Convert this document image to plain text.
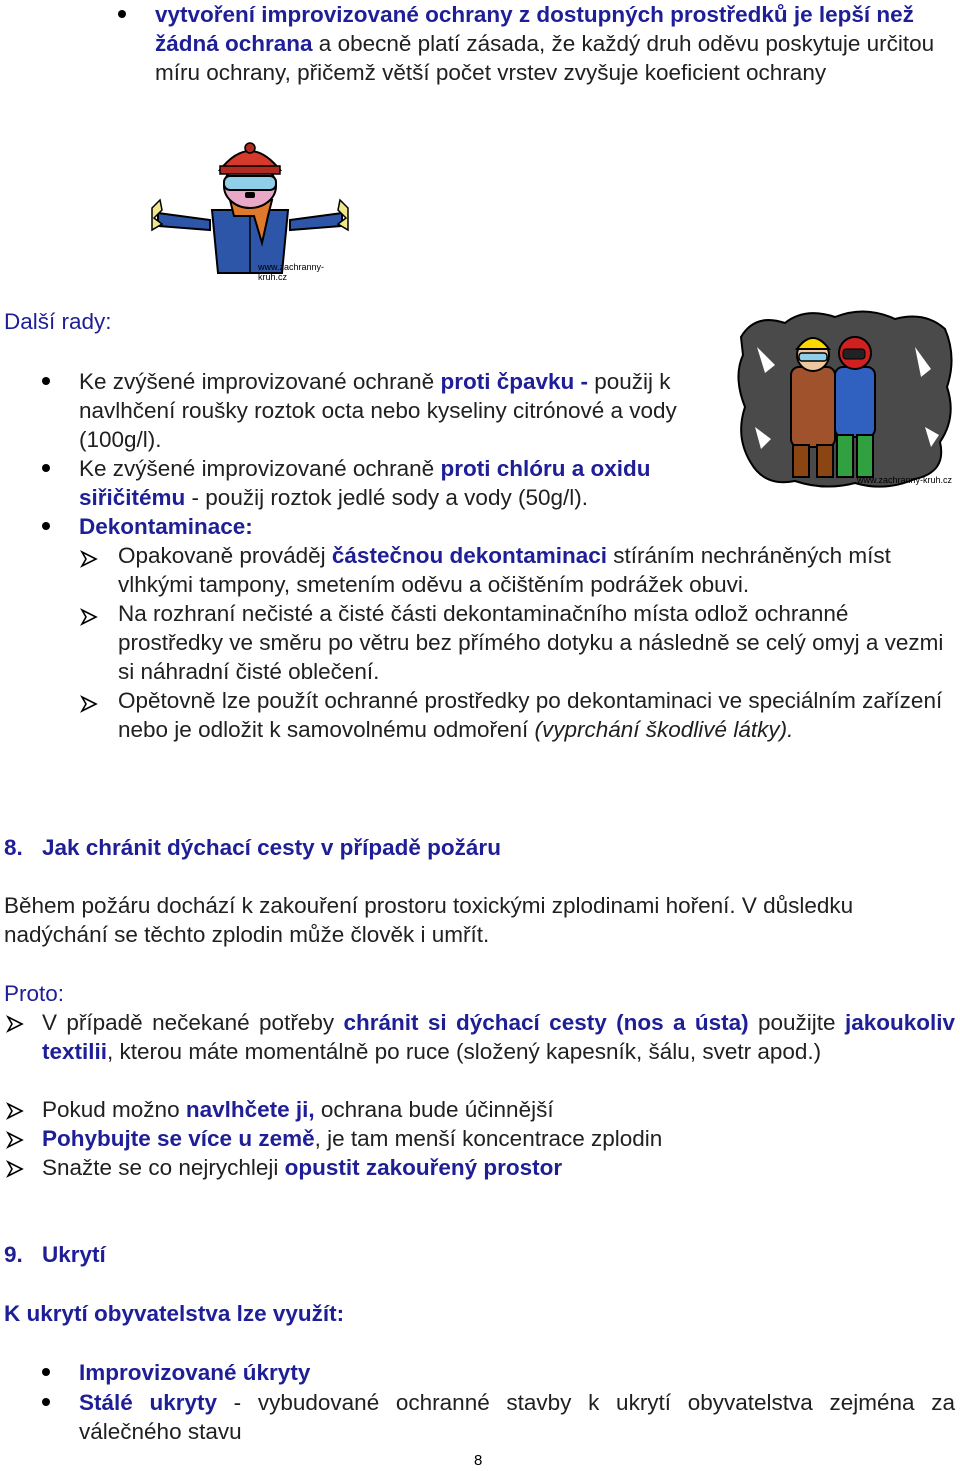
vytvoření improvizované ochrany z dostupných prostředků je lepší než žádná ochrana a obecně platí zásada, že každý druh oděvu poskytuje určitou míru ochrany, přičemž větší počet vrstev zvyšuje koeficient ochrany

www.zachranny-kruh.cz

Další rady:

www.zachranny-kruh.cz

Ke zvýšené improvizované ochraně proti čpavku - použij k navlhčení roušky roztok octa nebo kyseliny citrónové a vody (100g/l).

Ke zvýšené improvizované ochraně proti chlóru a oxidu siřičitému - použij roztok jedlé sody a vody (50g/l).

Dekontaminace:

Opakovaně prováděj částečnou dekontaminaci stíráním nechráněných míst vlhkými tampony, smetením oděvu a očištěním podrážek obuvi.

Na rozhraní nečisté a čisté části dekontaminačního místa odlož ochranné prostředky ve směru po větru bez přímého dotyku a následně se celý omyj a vezmi si náhradní čisté oblečení.

Opětovně lze použít ochranné prostředky po dekontaminaci ve speciálním zařízení nebo je odložit k samovolnému odmoření (vyprchání škodlivé látky).

8. Jak chránit dýchací cesty v případě požáru

Během požáru dochází k zakouření prostoru toxickými zplodinami hoření. V důsledku nadýchání se těchto zplodin může člověk i umřít.

Proto:

V případě nečekané potřeby chránit si dýchací cesty (nos a ústa) použijte jakoukoliv textilii, kterou máte momentálně po ruce (složený kapesník, šálu, svetr apod.)

Pokud možno navlhčete ji, ochrana bude účinnější

Pohybujte se více u země, je tam menší koncentrace zplodin

Snažte se co nejrychleji opustit zakouřený prostor

9. Ukrytí

K ukrytí obyvatelstva lze využít:

Improvizované úkryty

Stálé ukryty - vybudované ochranné stavby k ukrytí obyvatelstva zejména za válečného stavu

8
